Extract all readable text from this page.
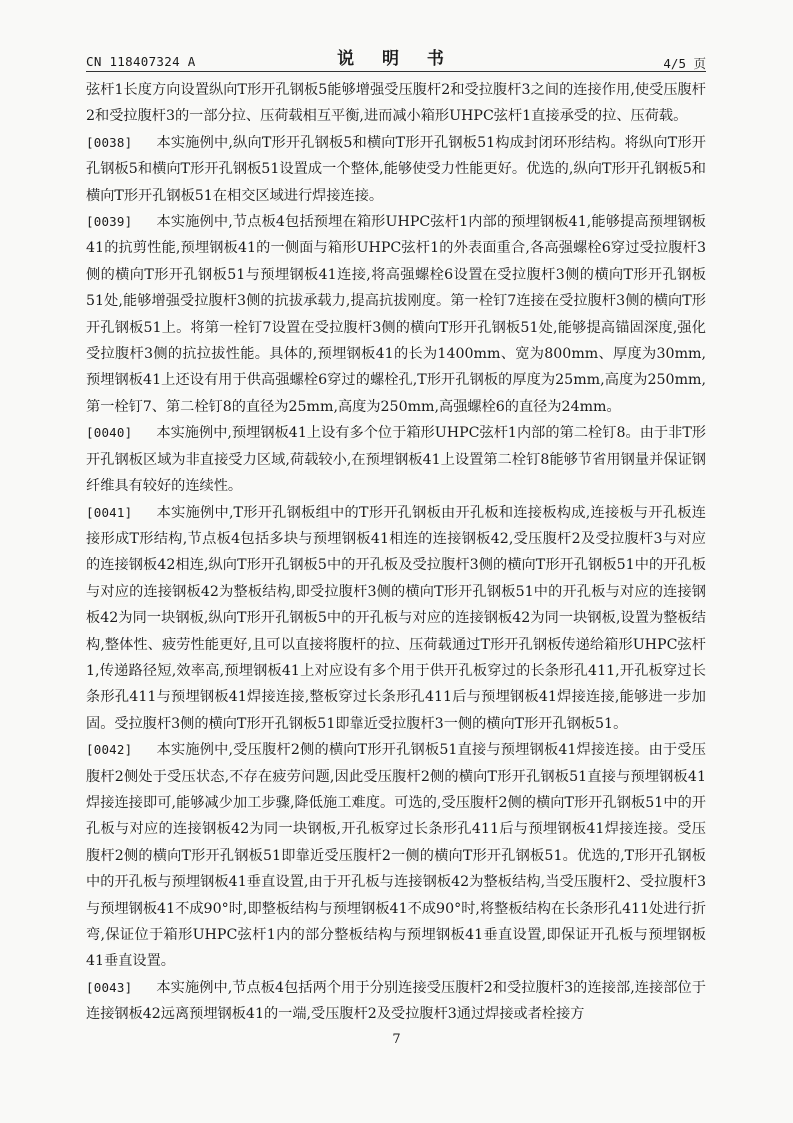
CN 118407324 A	说 明 书	4/5 页

弦杆1长度方向设置纵向T形开孔钢板5能够增强受压腹杆2和受拉腹杆3之间的连接作用,使受压腹杆2和受拉腹杆3的一部分拉、压荷载相互平衡,进而减小箱形UHPC弦杆1直接承受的拉、压荷载。

[0038] 本实施例中,纵向T形开孔钢板5和横向T形开孔钢板51构成封闭环形结构。将纵向T形开孔钢板5和横向T形开孔钢板51设置成一个整体,能够使受力性能更好。优选的,纵向T形开孔钢板5和横向T形开孔钢板51在相交区域进行焊接连接。

[0039] 本实施例中,节点板4包括预埋在箱形UHPC弦杆1内部的预埋钢板41,能够提高预埋钢板41的抗剪性能,预埋钢板41的一侧面与箱形UHPC弦杆1的外表面重合,各高强螺栓6穿过受拉腹杆3侧的横向T形开孔钢板51与预埋钢板41连接,将高强螺栓6设置在受拉腹杆3侧的横向T形开孔钢板51处,能够增强受拉腹杆3侧的抗拔承载力,提高抗拔刚度。第一栓钉7连接在受拉腹杆3侧的横向T形开孔钢板51上。将第一栓钉7设置在受拉腹杆3侧的横向T形开孔钢板51处,能够提高锚固深度,强化受拉腹杆3侧的抗拉拔性能。具体的,预埋钢板41的长为1400mm、宽为800mm、厚度为30mm,预埋钢板41上还设有用于供高强螺栓6穿过的螺栓孔,T形开孔钢板的厚度为25mm,高度为250mm,第一栓钉7、第二栓钉8的直径为25mm,高度为250mm,高强螺栓6的直径为24mm。

[0040] 本实施例中,预埋钢板41上设有多个位于箱形UHPC弦杆1内部的第二栓钉8。由于非T形开孔钢板区域为非直接受力区域,荷载较小,在预埋钢板41上设置第二栓钉8能够节省用钢量并保证钢纤维具有较好的连续性。

[0041] 本实施例中,T形开孔钢板组中的T形开孔钢板由开孔板和连接板构成,连接板与开孔板连接形成T形结构,节点板4包括多块与预埋钢板41相连的连接钢板42,受压腹杆2及受拉腹杆3与对应的连接钢板42相连,纵向T形开孔钢板5中的开孔板及受拉腹杆3侧的横向T形开孔钢板51中的开孔板与对应的连接钢板42为整板结构,即受拉腹杆3侧的横向T形开孔钢板51中的开孔板与对应的连接钢板42为同一块钢板,纵向T形开孔钢板5中的开孔板与对应的连接钢板42为同一块钢板,设置为整板结构,整体性、疲劳性能更好,且可以直接将腹杆的拉、压荷载通过T形开孔钢板传递给箱形UHPC弦杆1,传递路径短,效率高,预埋钢板41上对应设有多个用于供开孔板穿过的长条形孔411,开孔板穿过长条形孔411与预埋钢板41焊接连接,整板穿过长条形孔411后与预埋钢板41焊接连接,能够进一步加固。受拉腹杆3侧的横向T形开孔钢板51即靠近受拉腹杆3一侧的横向T形开孔钢板51。

[0042] 本实施例中,受压腹杆2侧的横向T形开孔钢板51直接与预埋钢板41焊接连接。由于受压腹杆2侧处于受压状态,不存在疲劳问题,因此受压腹杆2侧的横向T形开孔钢板51直接与预埋钢板41焊接连接即可,能够减少加工步骤,降低施工难度。可选的,受压腹杆2侧的横向T形开孔钢板51中的开孔板与对应的连接钢板42为同一块钢板,开孔板穿过长条形孔411后与预埋钢板41焊接连接。受压腹杆2侧的横向T形开孔钢板51即靠近受压腹杆2一侧的横向T形开孔钢板51。优选的,T形开孔钢板中的开孔板与预埋钢板41垂直设置,由于开孔板与连接钢板42为整板结构,当受压腹杆2、受拉腹杆3与预埋钢板41不成90°时,即整板结构与预埋钢板41不成90°时,将整板结构在长条形孔411处进行折弯,保证位于箱形UHPC弦杆1内的部分整板结构与预埋钢板41垂直设置,即保证开孔板与预埋钢板41垂直设置。

[0043] 本实施例中,节点板4包括两个用于分别连接受压腹杆2和受拉腹杆3的连接部,连接部位于连接钢板42远离预埋钢板41的一端,受压腹杆2及受拉腹杆3通过焊接或者栓接方

7
